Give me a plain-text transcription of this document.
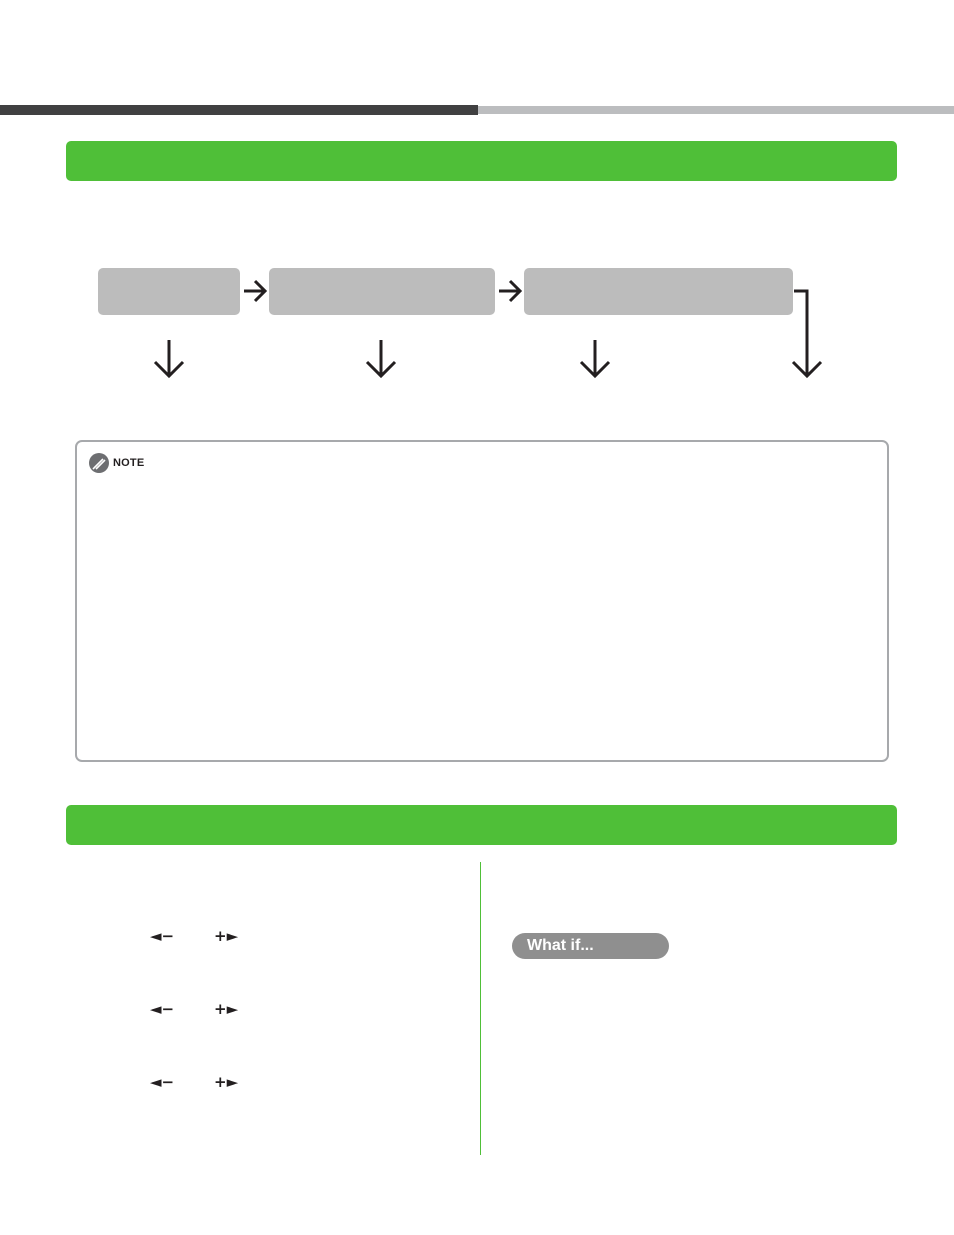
NOTE
◄−	+►
◄−	+►
◄−	+►
What if...
